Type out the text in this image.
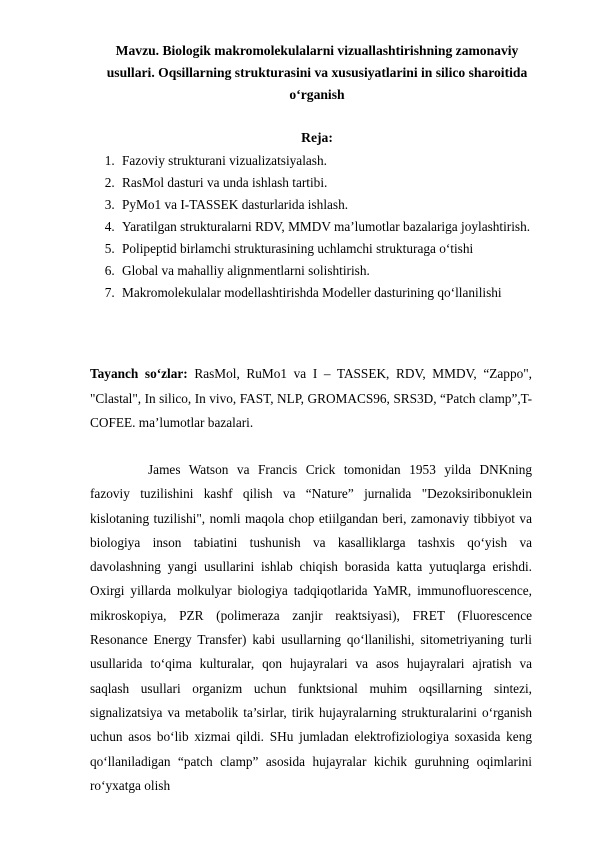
Mavzu. Biologik makromolekulalarni vizuallashtirishning zamonaviy usullari. Oqsillarning strukturasini va xususiyatlarini in silico sharoitida o‘rganish
Reja:
1. Fazoviy strukturani vizualizatsiyalash.
2. RasMol dasturi va unda ishlash tartibi.
3. PyMo1 va I-TASSEK dasturlarida ishlash.
4. Yaratilgan strukturalarni RDV, MMDV ma’lumotlar bazalariga joylashtirish.
5. Polipeptid birlamchi strukturasining uchlamchi strukturaga o‘tishi
6. Global va mahalliy alignmentlarni solishtirish.
7. Makromolekulalar modellashtirishda Modeller dasturining qo‘llanilishi
Tayanch so‘zlar: RasMol, RuMo1 va I – TASSEK, RDV, MMDV, “Zappo", "Clastal", In silico, In vivo, FAST, NLP, GROMACS96, SRS3D, “Patch clamp”,T-COFEE. ma’lumotlar bazalari.

James Watson va Francis Crick tomonidan 1953 yilda DNKning fazoviy tuzilishini kashf qilish va “Nature” jurnalida "Dezoksiribonuklein kislotaning tuzilishi", nomli maqola chop etiilgandan beri, zamonaviy tibbiyot va biologiya inson tabiatini tushunish va kasalliklarga tashxis qo‘yish va davolashning yangi usullarini ishlab chiqish borasida katta yutuqlarga erishdi. Oxirgi yillarda molkulyar biologiya tadqiqotlarida YaMR, immunofluorescence, mikroskopiya, PZR (polimeraza zanjir reaktsiyasi), FRET (Fluorescence Resonance Energy Transfer) kabi usullarning qo‘llanilishi, sitometriyaning turli usullarida to‘qima kulturalar, qon hujayralari va asos hujayralari ajratish va saqlash usullari organizm uchun funktsional muhim oqsillarning sintezi, signalizatsiya va metabolik ta’sirlar, tirik hujayralarning strukturalarini o‘rganish uchun asos bo‘lib xizmai qildi. SHu jumladan elektrofiziologiya soxasida keng qo‘llaniladigan “patch clamp” asosida hujayralar kichik guruhning oqimlarini ro‘yxatga olish
